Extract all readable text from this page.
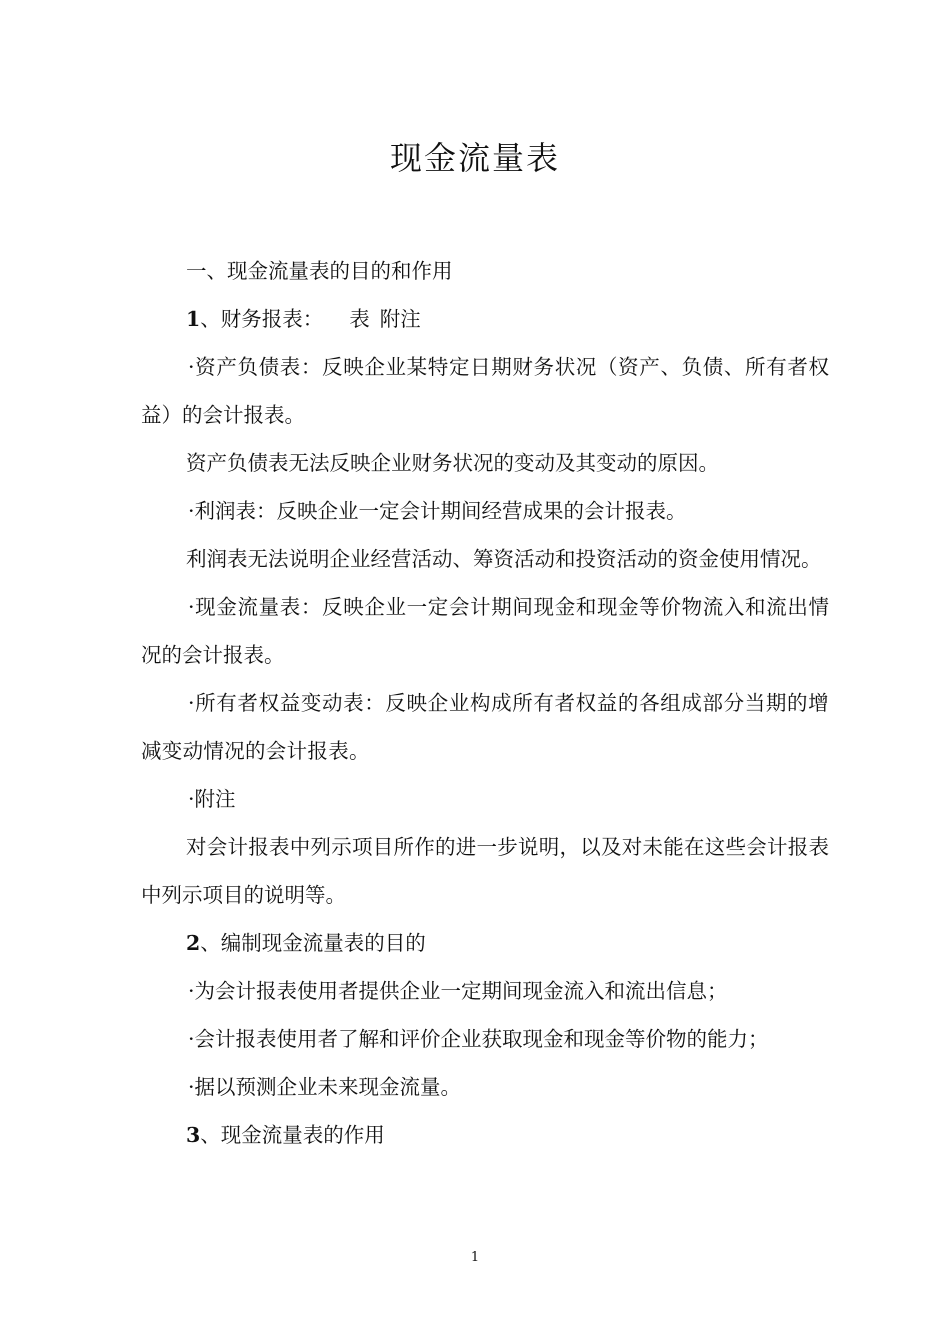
现金流量表

一、现金流量表的目的和作用

1、财务报表： 表 附注

·资产负债表：反映企业某特定日期财务状况（资产、负债、所有者权益）的会计报表。

资产负债表无法反映企业财务状况的变动及其变动的原因。

·利润表：反映企业一定会计期间经营成果的会计报表。

利润表无法说明企业经营活动、筹资活动和投资活动的资金使用情况。

·现金流量表：反映企业一定会计期间现金和现金等价物流入和流出情况的会计报表。

·所有者权益变动表：反映企业构成所有者权益的各组成部分当期的增减变动情况的会计报表。

·附注

对会计报表中列示项目所作的进一步说明，以及对未能在这些会计报表中列示项目的说明等。

2、编制现金流量表的目的

·为会计报表使用者提供企业一定期间现金流入和流出信息；

·会计报表使用者了解和评价企业获取现金和现金等价物的能力；

·据以预测企业未来现金流量。

3、现金流量表的作用

1
